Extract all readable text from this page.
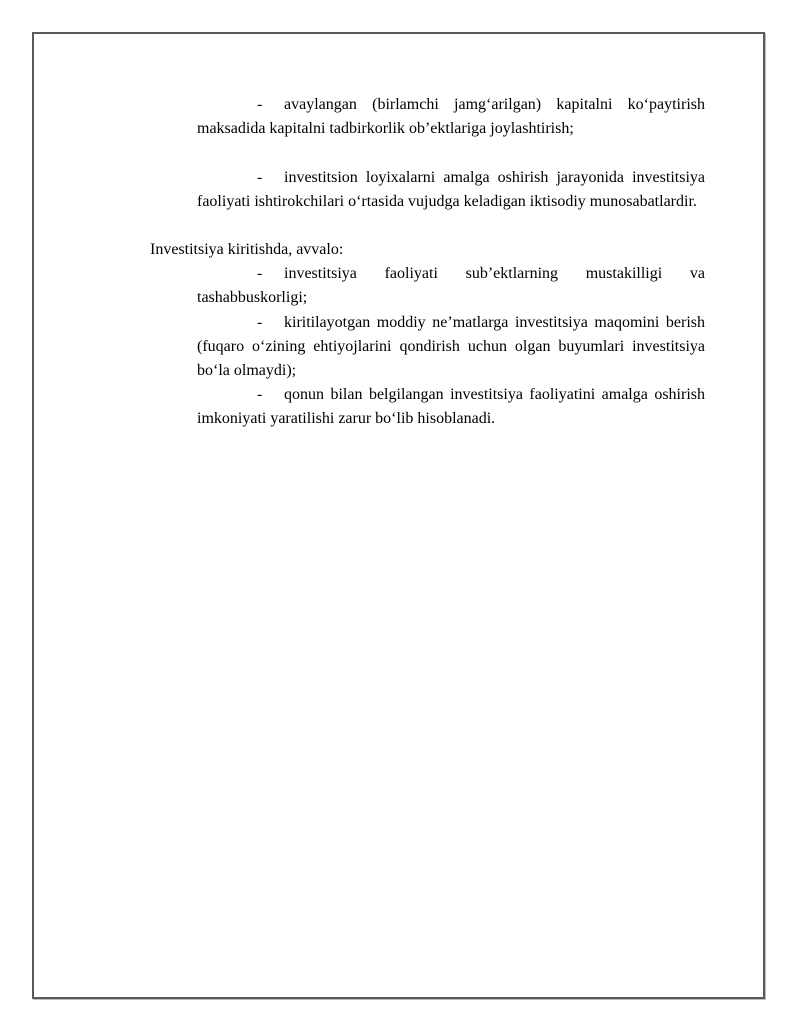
- avaylangan (birlamchi jamg‘arilgan) kapitalni ko‘paytirish maksadida kapitalni tadbirkorlik ob’ektlariga joylashtirish;
- investitsion loyixalarni amalga oshirish jarayonida investitsiya faoliyati ishtirokchilari o‘rtasida vujudga keladigan iktisodiy munosabatlardir.
Investitsiya kiritishda, avvalo:
- investitsiya faoliyati sub’ektlarning mustakilligi va tashabbuskorligi;
- kiritilayotgan moddiy ne’matlarga investitsiya maqomini berish (fuqaro o‘zining ehtiyojlarini qondirish uchun olgan buyumlari investitsiya bo‘la olmaydi);
- qonun bilan belgilangan investitsiya faoliyatini amalga oshirish imkoniyati yaratilishi zarur bo‘lib hisoblanadi.
